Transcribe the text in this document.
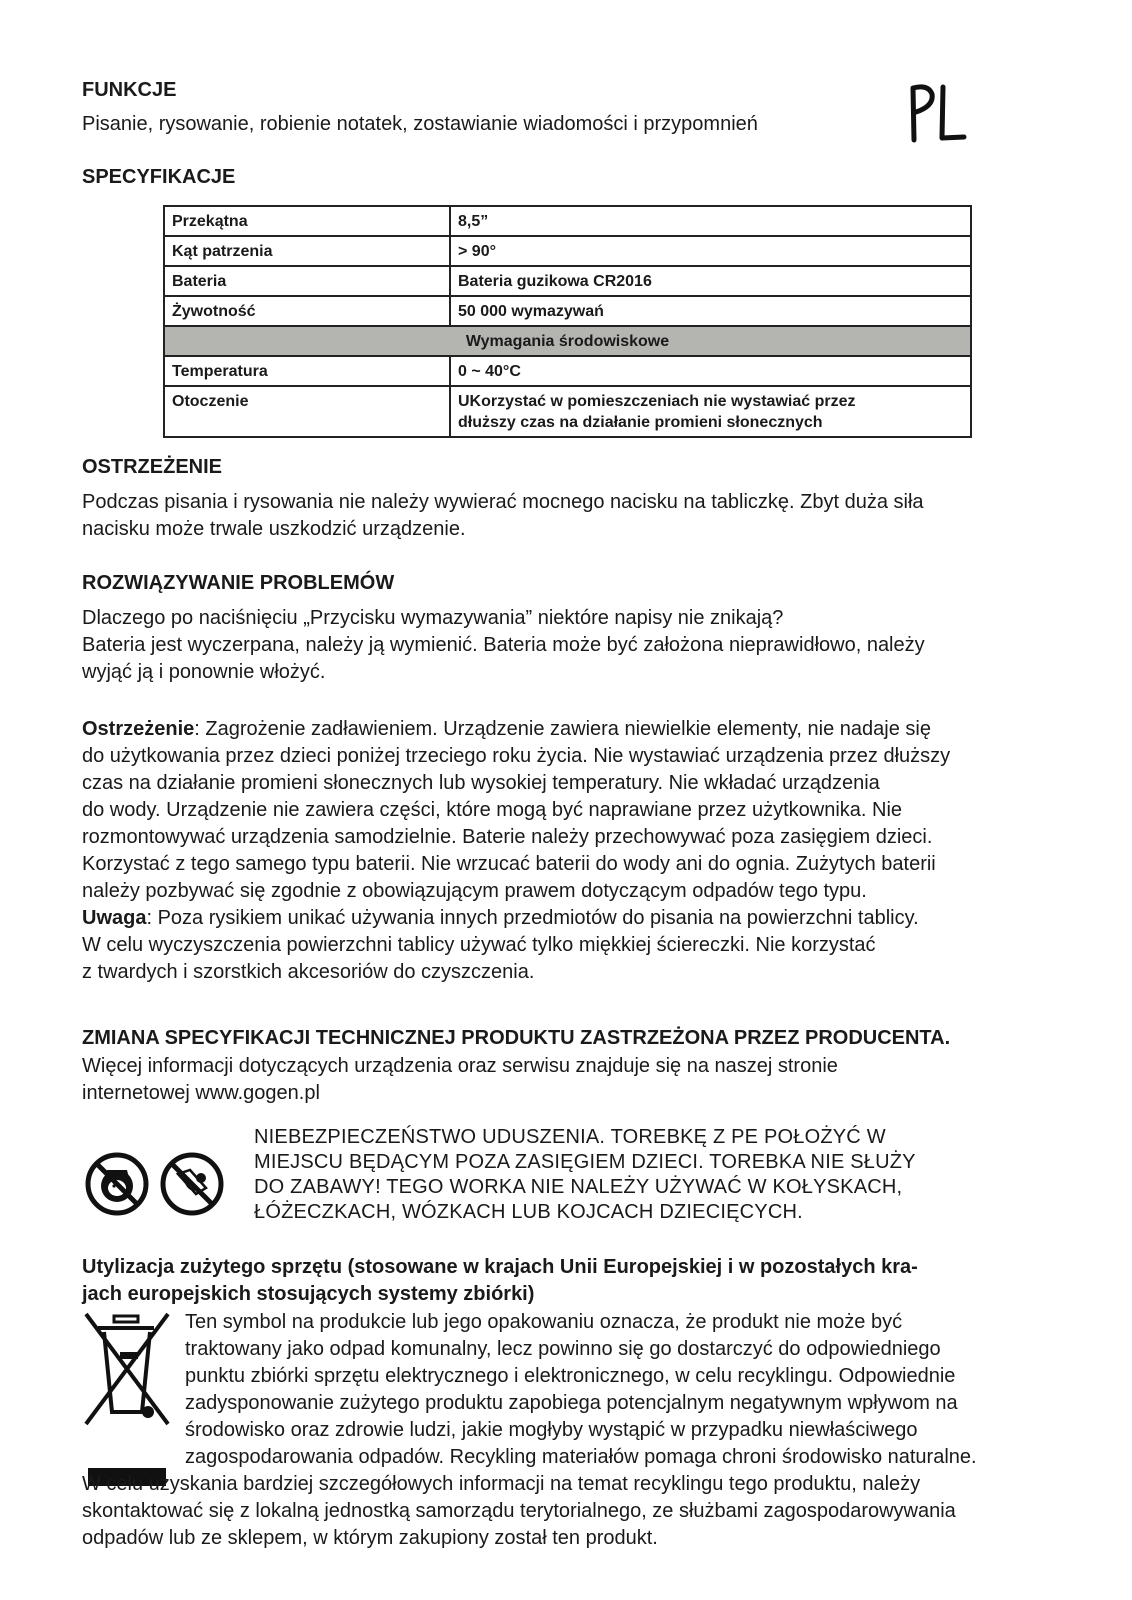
FUNKCJE

Pisanie, rysowanie, robienie notatek, zostawianie wiadomości i przypomnień

SPECYFIKACJE

Przekątna	8,5”
Kąt patrzenia	> 90°
Bateria	Bateria guzikowa CR2016
Żywotność	50 000 wymazywań
Wymagania środowiskowe	
Temperatura	0 ~ 40°C
Otoczenie	UKorzystać w pomieszczeniach nie wystawiać przez
dłuższy czas na działanie promieni słonecznych

OSTRZEŻENIE

Podczas pisania i rysowania nie należy wywierać mocnego nacisku na tabliczkę. Zbyt duża siła

nacisku może trwale uszkodzić urządzenie.

ROZWIĄZYWANIE PROBLEMÓW

Dlaczego po naciśnięciu „Przycisku wymazywania” niektóre napisy nie znikają?

Bateria jest wyczerpana, należy ją wymienić. Bateria może być założona nieprawidłowo, należy

wyjąć ją i ponownie włożyć.

Ostrzeżenie: Zagrożenie zadławieniem. Urządzenie zawiera niewielkie elementy, nie nadaje się

do użytkowania przez dzieci poniżej trzeciego roku życia. Nie wystawiać urządzenia przez dłuższy

czas na działanie promieni słonecznych lub wysokiej temperatury. Nie wkładać urządzenia

do wody. Urządzenie nie zawiera części, które mogą być naprawiane przez użytkownika. Nie

rozmontowywać urządzenia samodzielnie. Baterie należy przechowywać poza zasięgiem dzieci.

Korzystać z tego samego typu baterii. Nie wrzucać baterii do wody ani do ognia. Zużytych baterii

należy pozbywać się zgodnie z obowiązującym prawem dotyczącym odpadów tego typu.

Uwaga: Poza rysikiem unikać używania innych przedmiotów do pisania na powierzchni tablicy.

W celu wyczyszczenia powierzchni tablicy używać tylko miękkiej ściereczki. Nie korzystać

z twardych i szorstkich akcesoriów do czyszczenia.

ZMIANA SPECYFIKACJI TECHNICZNEJ PRODUKTU ZASTRZEŻONA PRZEZ PRODUCENTA.

Więcej informacji dotyczących urządzenia oraz serwisu znajduje się na naszej stronie

internetowej www.gogen.pl

NIEBEZPIECZEŃSTWO UDUSZENIA. TOREBKĘ Z PE POŁOŻYĆ W
MIEJSCU BĘDĄCYM POZA ZASIĘGIEM DZIECI. TOREBKA NIE SŁUŻY
DO ZABAWY! TEGO WORKA NIE NALEŻY UŻYWAĆ W KOŁYSKACH,
ŁÓŻECZKACH, WÓZKACH LUB KOJCACH DZIECIĘCYCH.

Utylizacja zużytego sprzętu (stosowane w krajach Unii Europejskiej i w pozostałych kra-

jach europejskich stosujących systemy zbiórki)

Ten symbol na produkcie lub jego opakowaniu oznacza, że produkt nie może być

traktowany jako odpad komunalny, lecz powinno się go dostarczyć do odpowiedniego

punktu zbiórki sprzętu elektrycznego i elektronicznego, w celu recyklingu. Odpowiednie

zadysponowanie zużytego produktu zapobiega potencjalnym negatywnym wpływom na

środowisko oraz zdrowie ludzi, jakie mogłyby wystąpić w przypadku niewłaściwego

zagospodarowania odpadów. Recykling materiałów pomaga chroni środowisko naturalne.

W celu uzyskania bardziej szczegółowych informacji na temat recyklingu tego produktu, należy

skontaktować się z lokalną jednostką samorządu terytorialnego, ze służbami zagospodarowywania

odpadów lub ze sklepem, w którym zakupiony został ten produkt.
